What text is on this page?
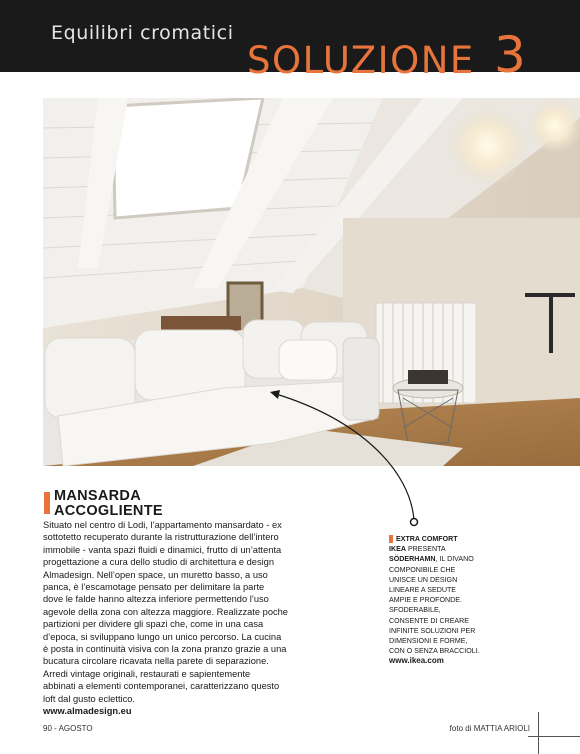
Equilibri cromatici
SOLUZIONE 3
MANSARDA
ACCOGLIENTE

Situato nel centro di Lodi, l’appartamento mansardato - ex

sottotetto recuperato durante la ristrutturazione dell’intero

immobile - vanta spazi fluidi e dinamici, frutto di un’attenta

progettazione a cura dello studio di architettura e design

Almadesign. Nell’open space, un muretto basso, a uso

panca, è l’escamotage pensato per delimitare la parte

dove le falde hanno altezza inferiore permettendo l’uso

agevole della zona con altezza maggiore. Realizzate poche

partizioni per dividere gli spazi che, come in una casa

d’epoca, si sviluppano lungo un unico percorso. La cucina

è posta in continuità visiva con la zona pranzo grazie a una

bucatura circolare ricavata nella parete di separazione.

Arredi vintage originali, restaurati e sapientemente

abbinati a elementi contemporanei, caratterizzano questo

loft dal gusto eclettico.

www.almadesign.eu

EXTRA COMFORT
IKEA PRESENTA
SÖDERHAMN, IL DIVANO
COMPONIBILE CHE
UNISCE UN DESIGN
LINEARE A SEDUTE
AMPIE E PROFONDE.
SFODERABILE,
CONSENTE DI CREARE
INFINITE SOLUZIONI PER
DIMENSIONI E FORME,
CON O SENZA BRACCIOLI.
www.ikea.com
90 - AGOSTO	foto di MATTIA ARIOLI
